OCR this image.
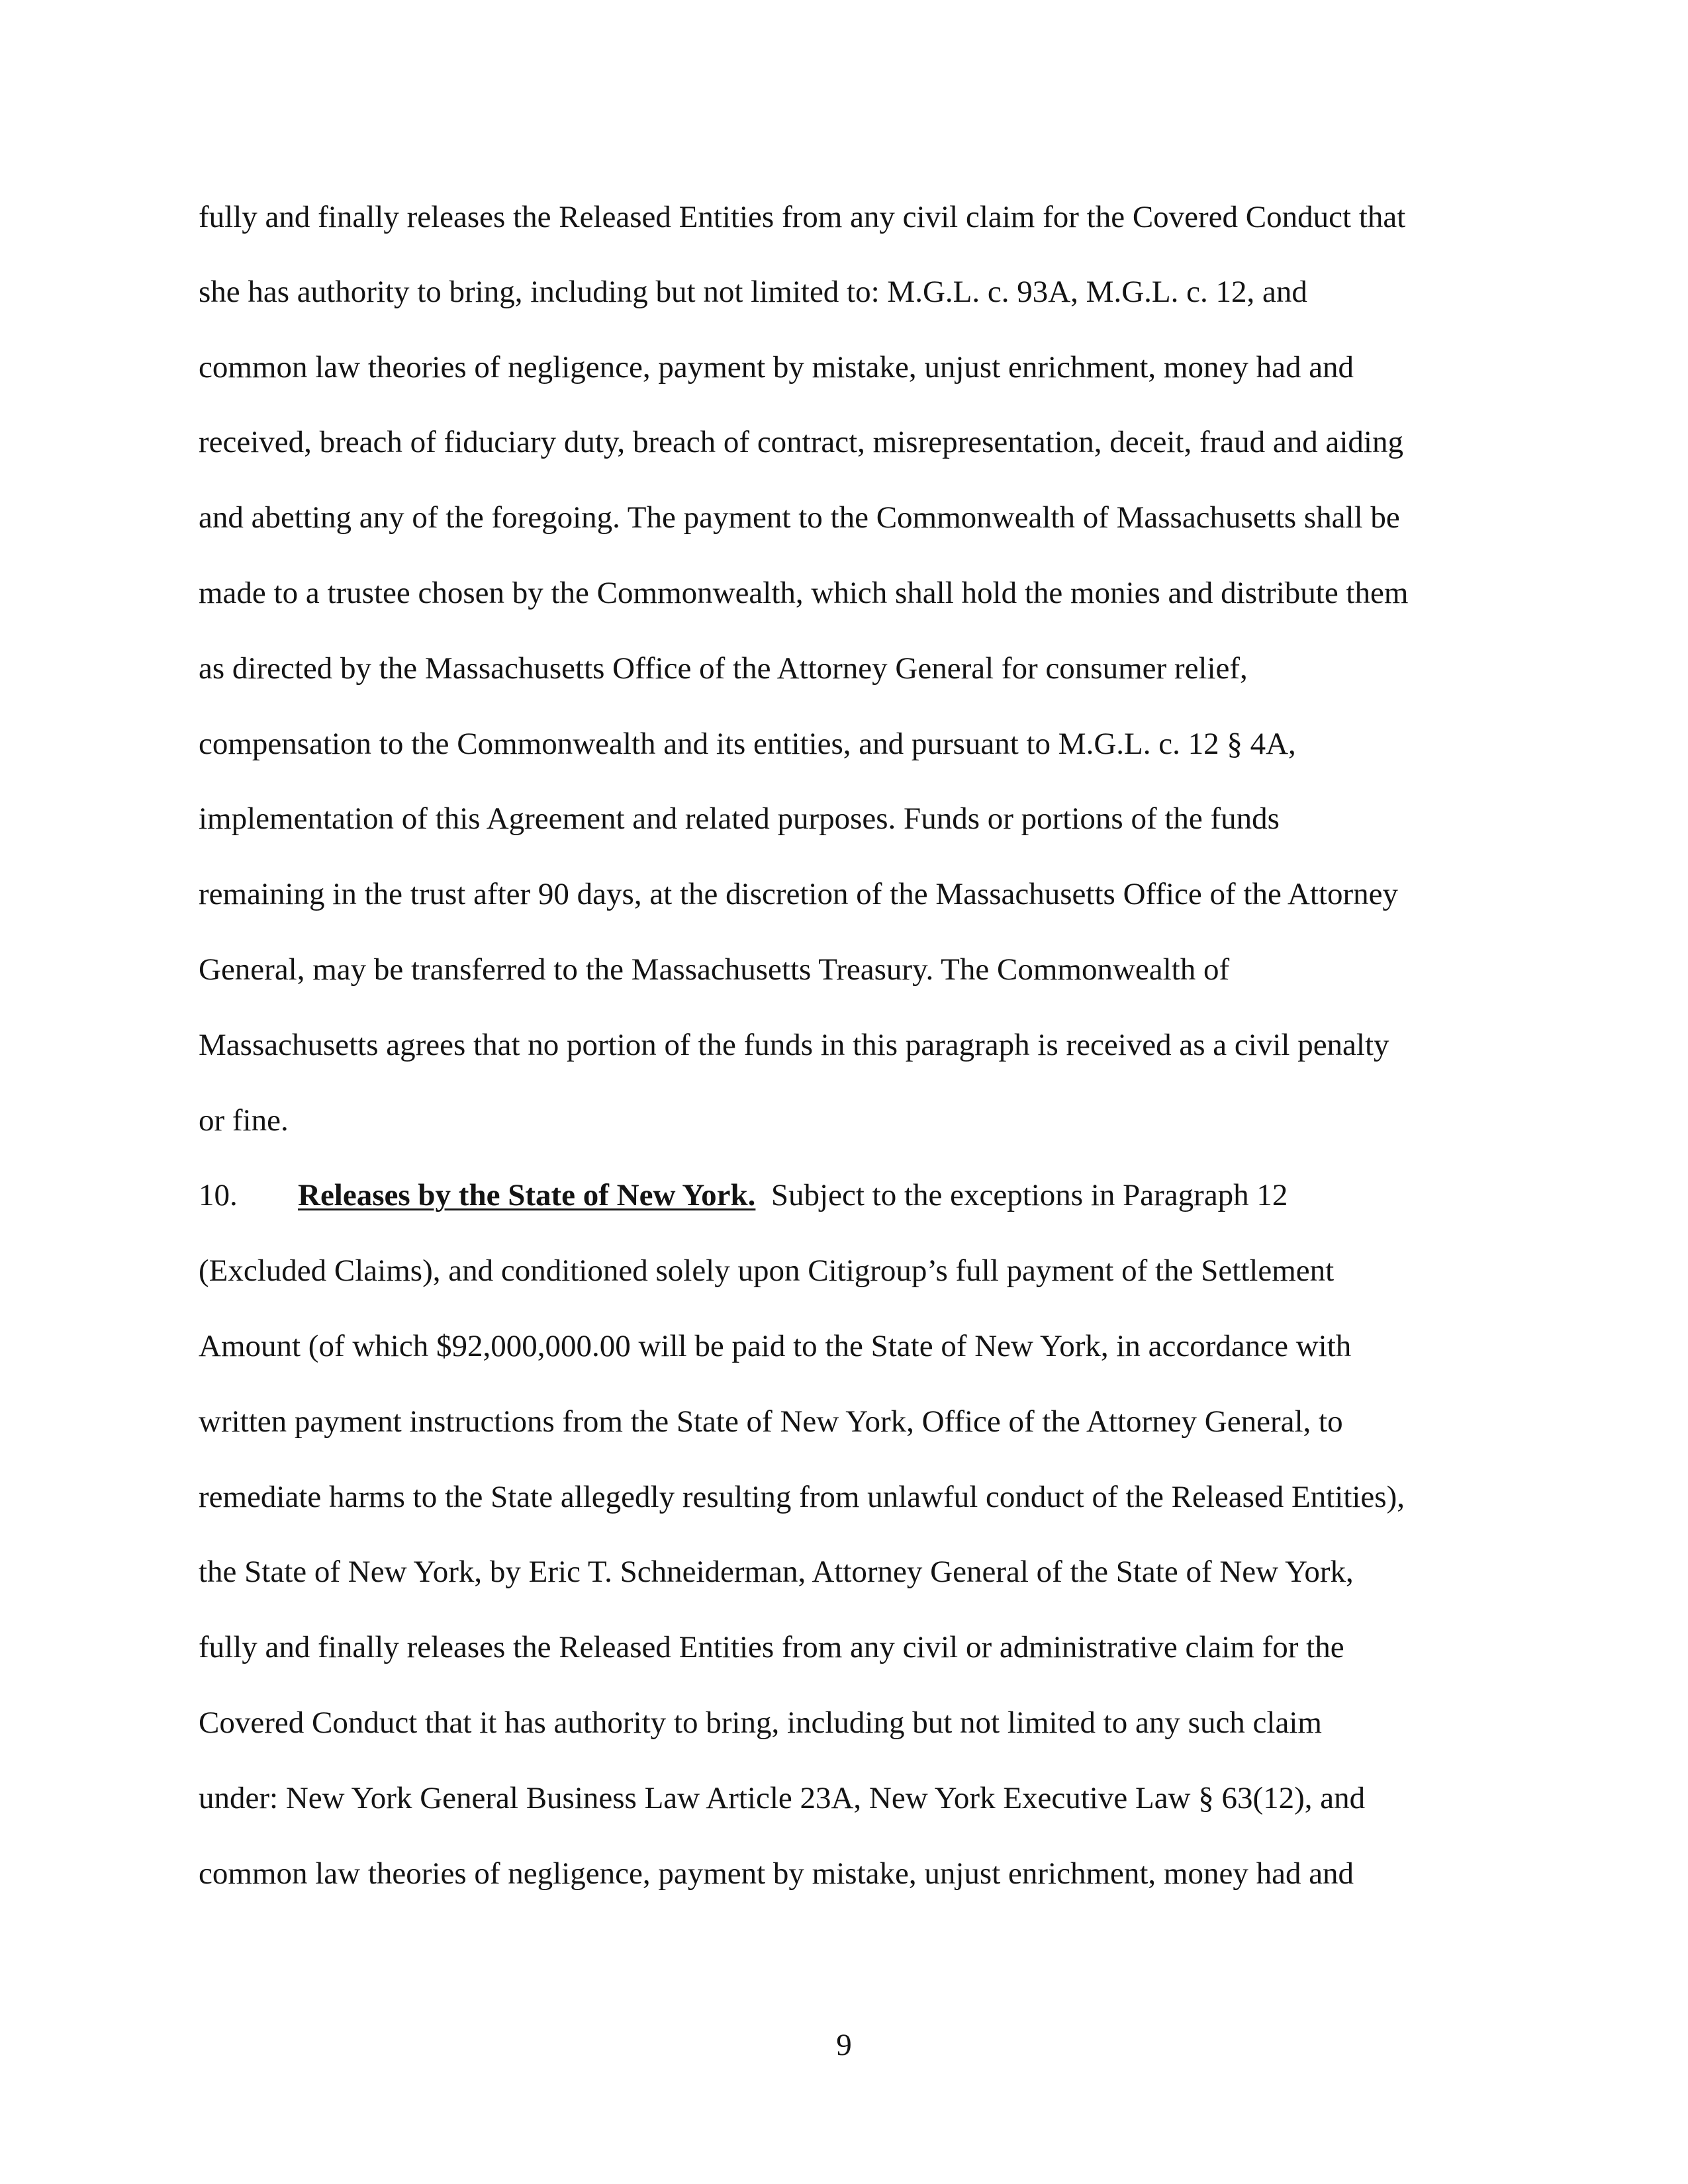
fully and finally releases the Released Entities from any civil claim for the Covered Conduct that
she has authority to bring, including but not limited to: M.G.L. c. 93A, M.G.L. c. 12, and
common law theories of negligence, payment by mistake, unjust enrichment, money had and
received, breach of fiduciary duty, breach of contract, misrepresentation, deceit, fraud and aiding
and abetting any of the foregoing. The payment to the Commonwealth of Massachusetts shall be
made to a trustee chosen by the Commonwealth, which shall hold the monies and distribute them
as directed by the Massachusetts Office of the Attorney General for consumer relief,
compensation to the Commonwealth and its entities, and pursuant to M.G.L. c. 12 § 4A,
implementation of this Agreement and related purposes. Funds or portions of the funds
remaining in the trust after 90 days, at the discretion of the Massachusetts Office of the Attorney
General, may be transferred to the Massachusetts Treasury. The Commonwealth of
Massachusetts agrees that no portion of the funds in this paragraph is received as a civil penalty
or fine.
10. Releases by the State of New York.  Subject to the exceptions in Paragraph 12
(Excluded Claims), and conditioned solely upon Citigroup’s full payment of the Settlement
Amount (of which $92,000,000.00 will be paid to the State of New York, in accordance with
written payment instructions from the State of New York, Office of the Attorney General, to
remediate harms to the State allegedly resulting from unlawful conduct of the Released Entities),
the State of New York, by Eric T. Schneiderman, Attorney General of the State of New York,
fully and finally releases the Released Entities from any civil or administrative claim for the
Covered Conduct that it has authority to bring, including but not limited to any such claim
under: New York General Business Law Article 23A, New York Executive Law § 63(12), and
common law theories of negligence, payment by mistake, unjust enrichment, money had and
9
